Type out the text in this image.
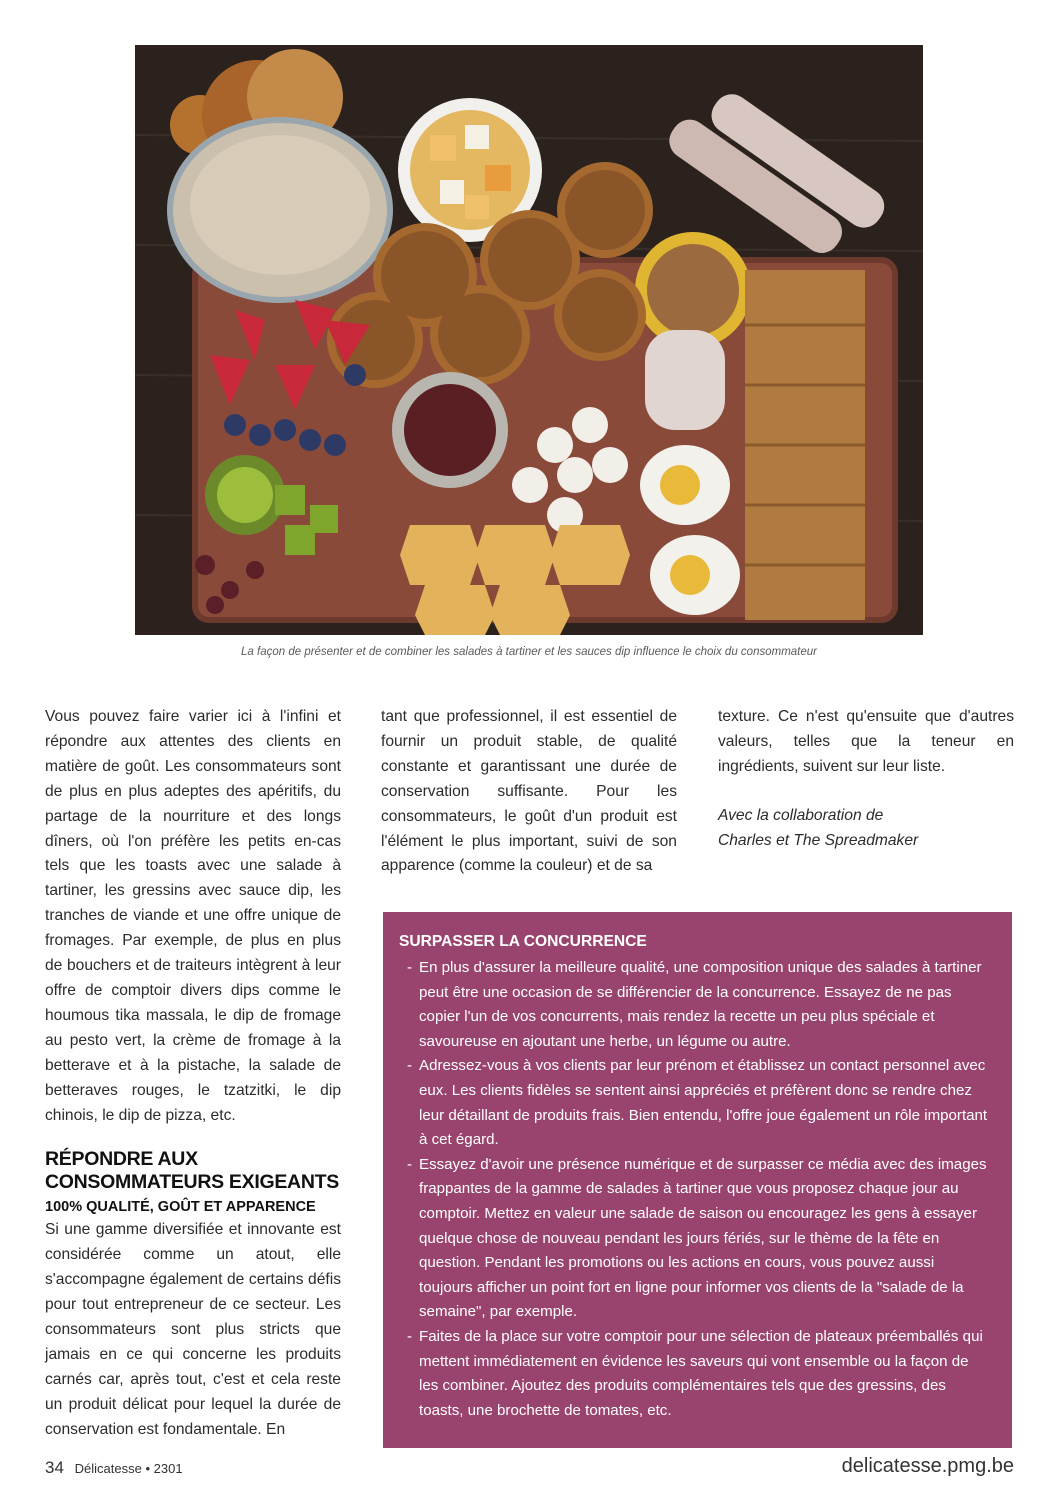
La façon de présenter et de combiner les salades à tartiner et les sauces dip influence le choix du consommateur

Vous pouvez faire varier ici à l'infini et répondre aux attentes des clients en matière de goût. Les consommateurs sont de plus en plus adeptes des apéritifs, du partage de la nourriture et des longs dîners, où l'on préfère les petits en-cas tels que les toasts avec une salade à tartiner, les gressins avec sauce dip, les tranches de viande et une offre unique de fromages. Par exemple, de plus en plus de bouchers et de traiteurs intègrent à leur offre de comptoir divers dips comme le houmous tika massala, le dip de fromage au pesto vert, la crème de fromage à la betterave et à la pistache, la salade de betteraves rouges, le tzatzitki, le dip chinois, le dip de pizza, etc.

RÉPONDRE AUX CONSOMMATEURS EXIGEANTS
100% QUALITÉ, GOÛT ET APPARENCE

Si une gamme diversifiée et innovante est considérée comme un atout, elle s'accompagne également de certains défis pour tout entrepreneur de ce secteur. Les consommateurs sont plus stricts que jamais en ce qui concerne les produits carnés car, après tout, c'est et cela reste un produit délicat pour lequel la durée de conservation est fondamentale. En

tant que professionnel, il est essentiel de fournir un produit stable, de qualité constante et garantissant une durée de conservation suffisante. Pour les consommateurs, le goût d'un produit est l'élément le plus important, suivi de son apparence (comme la couleur) et de sa

texture. Ce n'est qu'ensuite que d'autres valeurs, telles que la teneur en ingrédients, suivent sur leur liste.

Avec la collaboration de
Charles et The Spreadmaker
SURPASSER LA CONCURRENCE
- En plus d'assurer la meilleure qualité, une composition unique des salades à tartiner peut être une occasion de se différencier de la concurrence. Essayez de ne pas copier l'un de vos concurrents, mais rendez la recette un peu plus spéciale et savoureuse en ajoutant une herbe, un légume ou autre.
- Adressez-vous à vos clients par leur prénom et établissez un contact personnel avec eux. Les clients fidèles se sentent ainsi appréciés et préfèrent donc se rendre chez leur détaillant de produits frais. Bien entendu, l'offre joue également un rôle important à cet égard.
- Essayez d'avoir une présence numérique et de surpasser ce média avec des images frappantes de la gamme de salades à tartiner que vous proposez chaque jour au comptoir. Mettez en valeur une salade de saison ou encouragez les gens à essayer quelque chose de nouveau pendant les jours fériés, sur le thème de la fête en question. Pendant les promotions ou les actions en cours, vous pouvez aussi toujours afficher un point fort en ligne pour informer vos clients de la "salade de la semaine", par exemple.
- Faites de la place sur votre comptoir pour une sélection de plateaux préemballés qui mettent immédiatement en évidence les saveurs qui vont ensemble ou la façon de les combiner. Ajoutez des produits complémentaires tels que des gressins, des toasts, une brochette de tomates, etc.
34 Délicatesse • 2301	delicatesse.pmg.be
